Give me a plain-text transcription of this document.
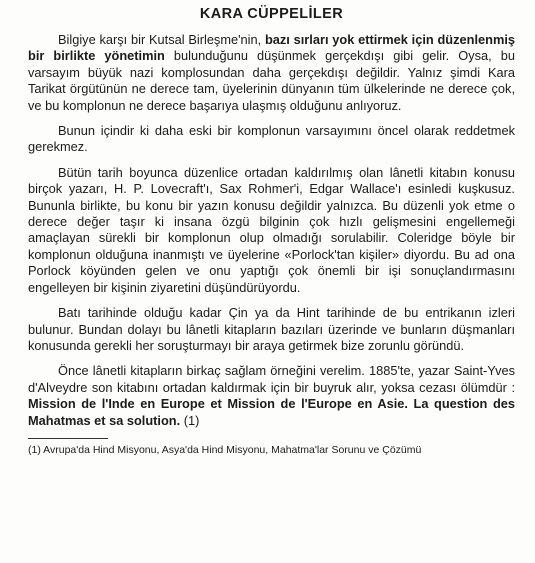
KARA CÜPPELİLER

Bilgiye karşı bir Kutsal Birleşme'nin, bazı sırları yok ettirmek için düzenlenmiş bir birlikte yönetimin bulunduğunu düşünmek gerçekdışı gibi gelir. Oysa, bu varsayım büyük nazi komplosundan daha gerçekdışı değildir. Yalnız şimdi Kara Tarikat örgütünün ne derece tam, üyelerinin dünyanın tüm ülkelerinde ne derece çok, ve bu komplonun ne derece başarıya ulaşmış olduğunu anlıyoruz.

Bunun içindir ki daha eski bir komplonun varsayımını öncel olarak reddetmek gerekmez.

Bütün tarih boyunca düzenlice ortadan kaldırılmış olan lânetli kitabın konusu birçok yazarı, H. P. Lovecraft'ı, Sax Rohmer'i, Edgar Wallace'ı esinledi kuşkusuz. Bununla birlikte, bu konu bir yazın konusu değildir yalnızca. Bu düzenli yok etme o derece değer taşır ki insana özgü bilginin çok hızlı gelişmesini engellemeği amaçlayan sürekli bir komplonun olup olmadığı sorulabilir. Coleridge böyle bir komplonun olduğuna inanmıştı ve üyelerine «Porlock'tan kişiler» diyordu. Bu ad ona Porlock köyünden gelen ve onu yaptığı çok önemli bir işi sonuçlandırmasını engelleyen bir kişinin ziyaretini düşündürüyordu.

Batı tarihinde olduğu kadar Çin ya da Hint tarihinde de bu entrikanın izleri bulunur. Bundan dolayı bu lânetli kitapların bazıları üzerinde ve bunların düşmanları konusunda gerekli her soruşturmayı bir araya getirmek bize zorunlu göründü.

Önce lânetli kitapların birkaç sağlam örneğini verelim. 1885'te, yazar Saint-Yves d'Alveydre son kitabını ortadan kaldırmak için bir buyruk alır, yoksa cezası ölümdür : Mission de l'Inde en Europe et Mission de l'Europe en Asie. La question des Mahatmas et sa solution. (1)

(1) Avrupa'da Hind Misyonu, Asya'da Hind Misyonu, Mahatma'lar Sorunu ve Çözümü
